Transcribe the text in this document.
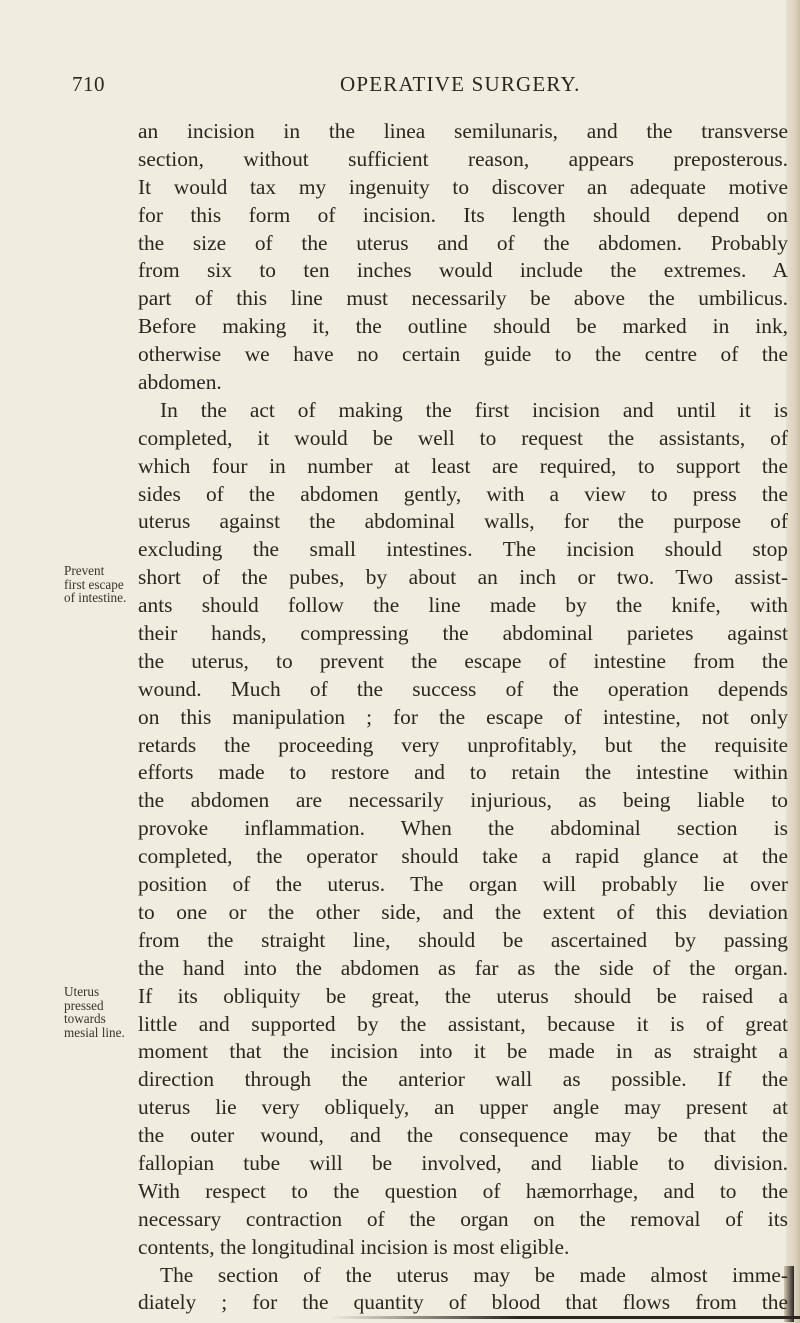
710	OPERATIVE SURGERY.
Prevent
first escape
of intestine.
Uterus
pressed
towards
mesial line.
an incision in the linea semilunaris, and the transverse
section, without sufficient reason, appears preposterous.
It would tax my ingenuity to discover an adequate motive
for this form of incision. Its length should depend on
the size of the uterus and of the abdomen. Probably
from six to ten inches would include the extremes. A
part of this line must necessarily be above the umbilicus.
Before making it, the outline should be marked in ink,
otherwise we have no certain guide to the centre of the
abdomen.
In the act of making the first incision and until it is
completed, it would be well to request the assistants, of
which four in number at least are required, to support the
sides of the abdomen gently, with a view to press the
uterus against the abdominal walls, for the purpose of
excluding the small intestines. The incision should stop
short of the pubes, by about an inch or two. Two assist-
ants should follow the line made by the knife, with
their hands, compressing the abdominal parietes against
the uterus, to prevent the escape of intestine from the
wound. Much of the success of the operation depends
on this manipulation ; for the escape of intestine, not only
retards the proceeding very unprofitably, but the requisite
efforts made to restore and to retain the intestine within
the abdomen are necessarily injurious, as being liable to
provoke inflammation. When the abdominal section is
completed, the operator should take a rapid glance at the
position of the uterus. The organ will probably lie over
to one or the other side, and the extent of this deviation
from the straight line, should be ascertained by passing
the hand into the abdomen as far as the side of the organ.
If its obliquity be great, the uterus should be raised a
little and supported by the assistant, because it is of great
moment that the incision into it be made in as straight a
direction through the anterior wall as possible. If the
uterus lie very obliquely, an upper angle may present at
the outer wound, and the consequence may be that the
fallopian tube will be involved, and liable to division.
With respect to the question of hæmorrhage, and to the
necessary contraction of the organ on the removal of its
contents, the longitudinal incision is most eligible.
The section of the uterus may be made almost imme-
diately ; for the quantity of blood that flows from the
